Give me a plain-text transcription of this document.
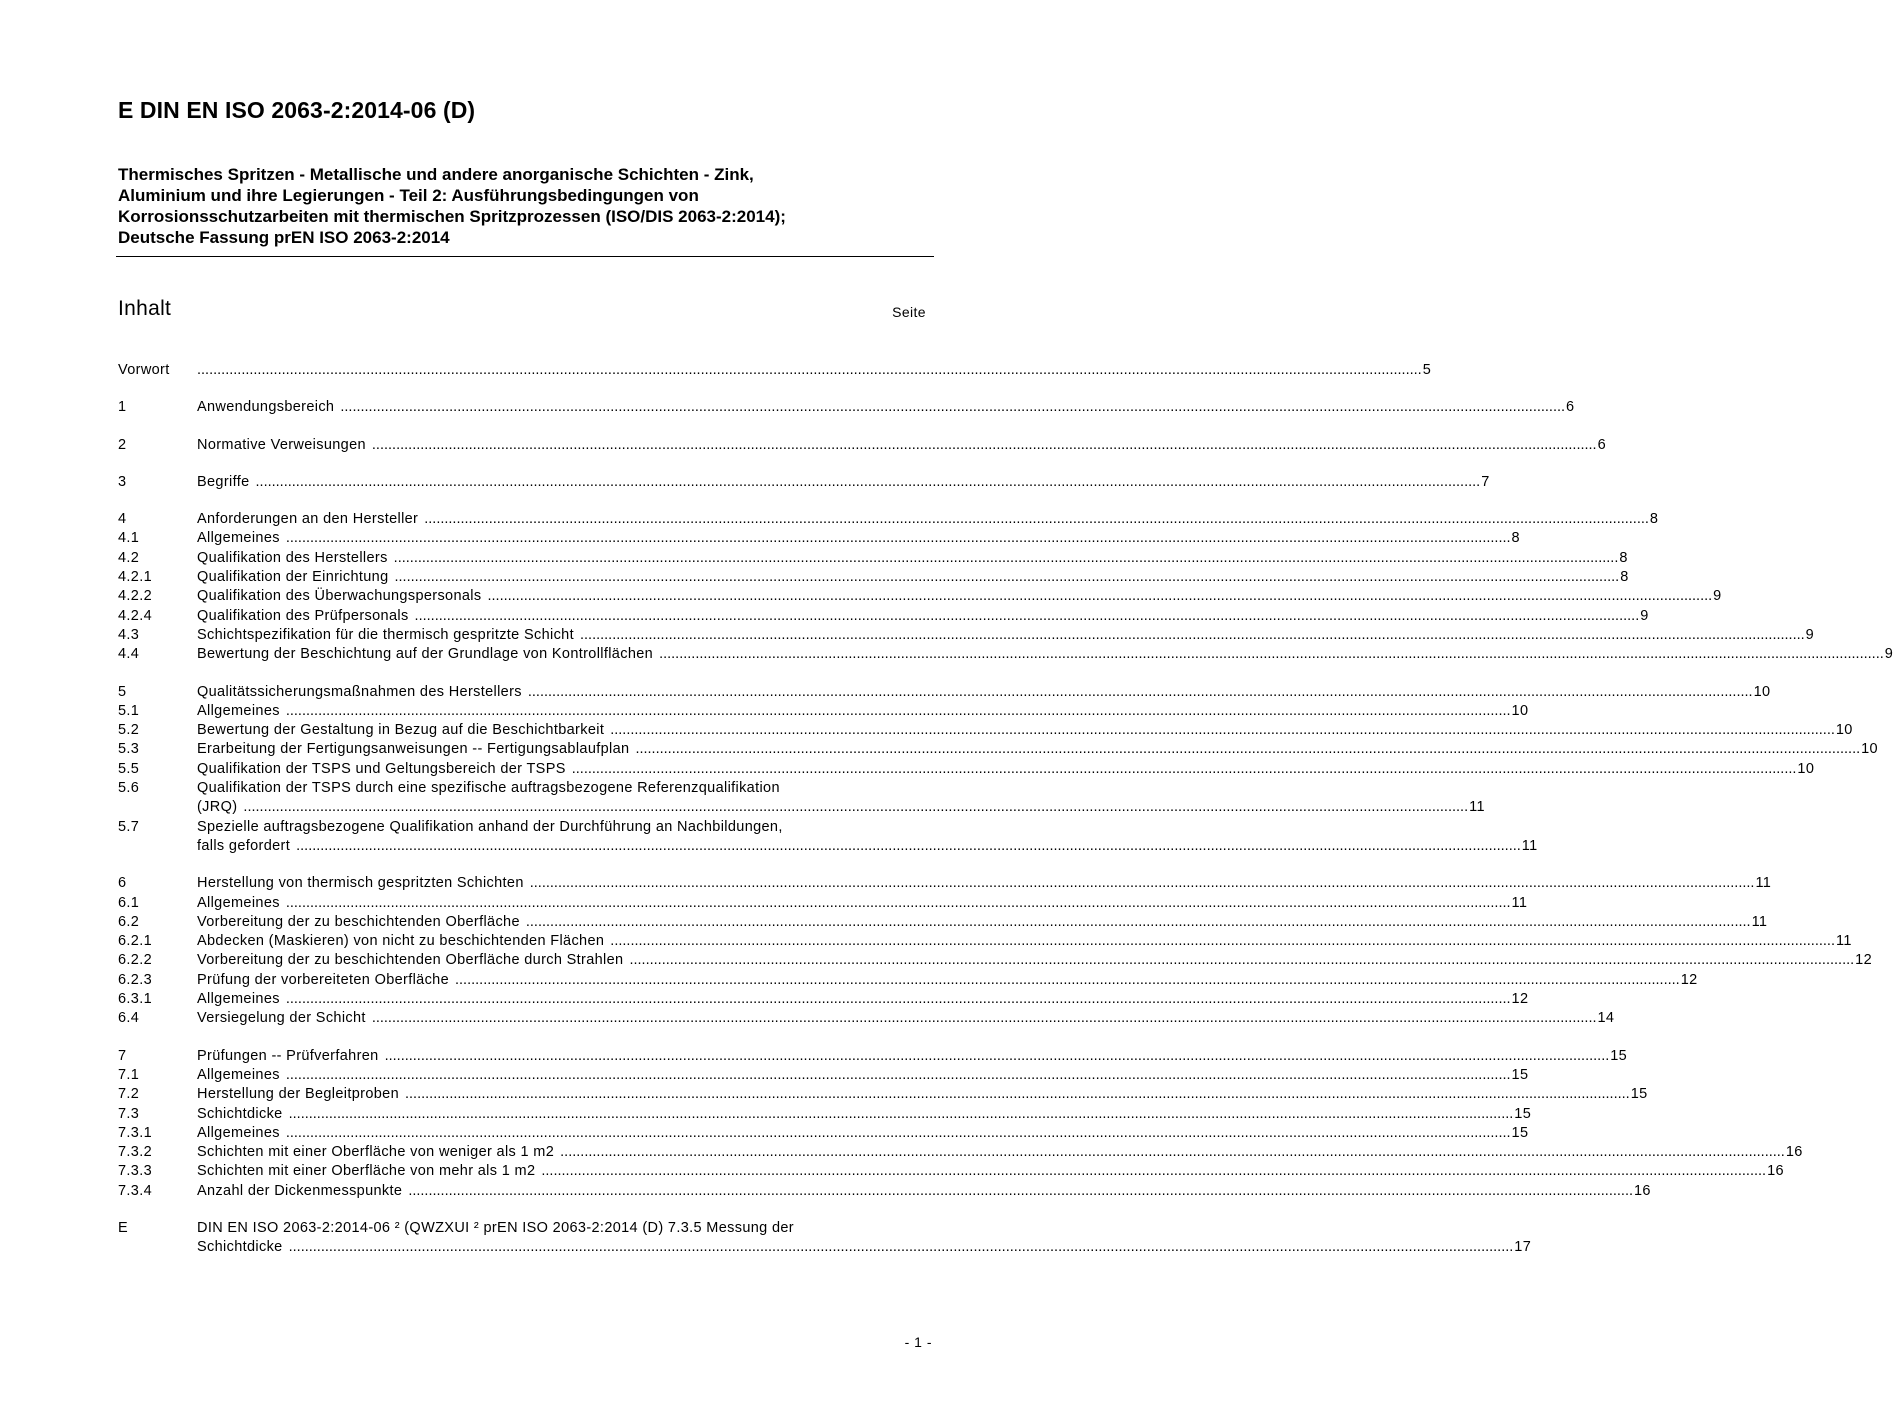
E DIN EN ISO 2063-2:2014-06 (D)
Thermisches Spritzen - Metallische und andere anorganische Schichten - Zink,
Aluminium und ihre Legierungen - Teil 2: Ausführungsbedingungen von
Korrosionsschutzarbeiten mit thermischen Spritzprozessen (ISO/DIS 2063-2:2014);
Deutsche Fassung prEN ISO 2063-2:2014
Inhalt	Seite
Vorwort .....	5
1	Anwendungsbereich .....	6
2	Normative Verweisungen .....	6
3	Begriffe .....	7
4	Anforderungen an den Hersteller .....	8
4.1	Allgemeines .....	8
4.2	Qualifikation des Herstellers .....	8
4.2.1	Qualifikation der Einrichtung .....	8
4.2.2	Qualifikation des Überwachungspersonals .....	9
4.2.4	Qualifikation des Prüfpersonals .....	9
4.3	Schichtspezifikation für die thermisch gespritzte Schicht .....	9
4.4	Bewertung der Beschichtung auf der Grundlage von Kontrollflächen .....	9
5	Qualitätssicherungsmaßnahmen des Herstellers .....	10
5.1	Allgemeines .....	10
5.2	Bewertung der Gestaltung in Bezug auf die Beschichtbarkeit .....	10
5.3	Erarbeitung der Fertigungsanweisungen -- Fertigungsablaufplan .....	10
5.5	Qualifikation der TSPS und Geltungsbereich der TSPS .....	10
5.6	Qualifikation der TSPS durch eine spezifische auftragsbezogene Referenzqualifikation
(JRQ) .....	11
5.7	Spezielle auftragsbezogene Qualifikation anhand der Durchführung an Nachbildungen,
falls gefordert .....	11
6	Herstellung von thermisch gespritzten Schichten .....	11
6.1	Allgemeines .....	11
6.2	Vorbereitung der zu beschichtenden Oberfläche .....	11
6.2.1	Abdecken (Maskieren) von nicht zu beschichtenden Flächen .....	11
6.2.2	Vorbereitung der zu beschichtenden Oberfläche durch Strahlen .....	12
6.2.3	Prüfung der vorbereiteten Oberfläche .....	12
6.3.1	Allgemeines .....	12
6.4	Versiegelung der Schicht .....	14
7	Prüfungen -- Prüfverfahren .....	15
7.1	Allgemeines .....	15
7.2	Herstellung der Begleitproben .....	15
7.3	Schichtdicke .....	15
7.3.1	Allgemeines .....	15
7.3.2	Schichten mit einer Oberfläche von weniger als 1 m2 .....	16
7.3.3	Schichten mit einer Oberfläche von mehr als 1 m2 .....	16
7.3.4	Anzahl der Dickenmesspunkte .....	16
E	DIN EN ISO 2063-2:2014-06 ² (QWZXUI ² prEN ISO 2063-2:2014 (D) 7.3.5 Messung der
Schichtdicke .....	17
- 1 -
